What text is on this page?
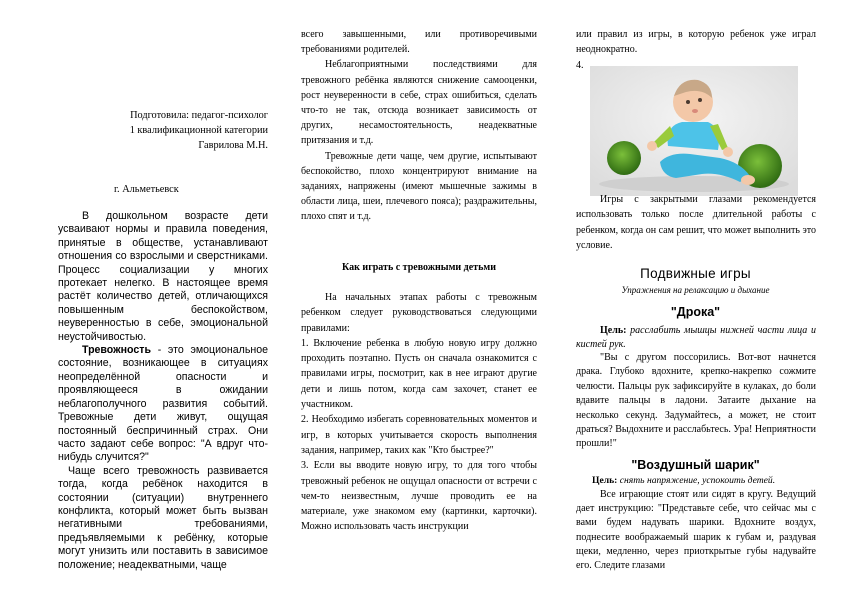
Подготовила: педагог-психолог
1 квалификационной категории
Гаврилова М.Н.
г. Альметьевск

В дошкольном возрасте дети усваивают нормы и правила поведения, принятые в обществе, устанавливают отношения со взрослыми и сверстниками. Процесс социализации у многих протекает нелегко. В настоящее время растёт количество детей, отличающихся повышенным беспокойством, неуверенностью в себе, эмоциональной неустойчивостью.

Тревожность - это эмоциональное состояние, возникающее в ситуациях неопределённой опасности и проявляющееся в ожидании неблагополучного развития событий. Тревожные дети живут, ощущая постоянный беспричинный страх. Они часто задают себе вопрос: "А вдруг что-нибудь случится?"

Чаще всего тревожность развивается тогда, когда ребёнок находится в состоянии (ситуации) внутреннего конфликта, который может быть вызван негативными требованиями, предъявляемыми к ребёнку, которые могут унизить или поставить в зависимое положение; неадекватными, чаще

всего завышенными, или противоречивыми требованиями родителей.

Неблагоприятными последствиями для тревожного ребёнка являются снижение самооценки, рост неуверенности в себе, страх ошибиться, сделать что-то не так, отсюда возникает зависимость от других, несамостоятельность, неадекватные притязания и т.д.

Тревожные дети чаще, чем другие, испытывают беспокойство, плохо концентрируют внимание на заданиях, напряжены (имеют мышечные зажимы в области лица, шеи, плечевого пояса); раздражительны, плохо спят и т.д.

Как играть с тревожными детьми

На начальных этапах работы с тревожным ребенком следует руководствоваться следующими правилами:

1. Включение ребенка в любую новую игру должно проходить поэтапно. Пусть он сначала ознакомится с правилами игры, посмотрит, как в нее играют другие дети и лишь потом, когда сам захочет, станет ее участником.

2. Необходимо избегать соревновательных моментов и игр, в которых учитывается скорость выполнения задания, например, таких как "Кто быстрее?"

3. Если вы вводите новую игру, то для того чтобы тревожный ребенок не ощущал опасности от встречи с чем-то неизвестным, лучше проводить ее на материале, уже знакомом ему (картинки, карточки). Можно использовать часть инструкции

или правил из игры, в которую ребенок уже играл неоднократно.

4.

Игры с закрытыми глазами рекомендуется использовать только после длительной работы с ребенком, когда он сам решит, что может выполнить это условие.

Подвижные игры
Упражнения на релаксацию и дыхание
"Дрока"

Цель: расслабить мышцы нижней части лица и кистей рук.

"Вы с другом поссорились. Вот-вот начнется драка. Глубоко вдохните, крепко-накрепко сожмите челюсти. Пальцы рук зафиксируйте в кулаках, до боли вдавите пальцы в ладони. Затаите дыхание на несколько секунд. Задумайтесь, а может, не стоит драться? Выдохните и расслабьтесь. Ура! Неприятности прошли!"

"Воздушный шарик"

Цель: снять напряжение, успокоить детей.

Все играющие стоят или сидят в кругу. Ведущий дает инструкцию: "Представьте себе, что сейчас мы с вами будем надувать шарики. Вдохните воздух, поднесите воображаемый шарик к губам и, раздувая щеки, медленно, через приоткрытые губы надувайте его. Следите глазами
